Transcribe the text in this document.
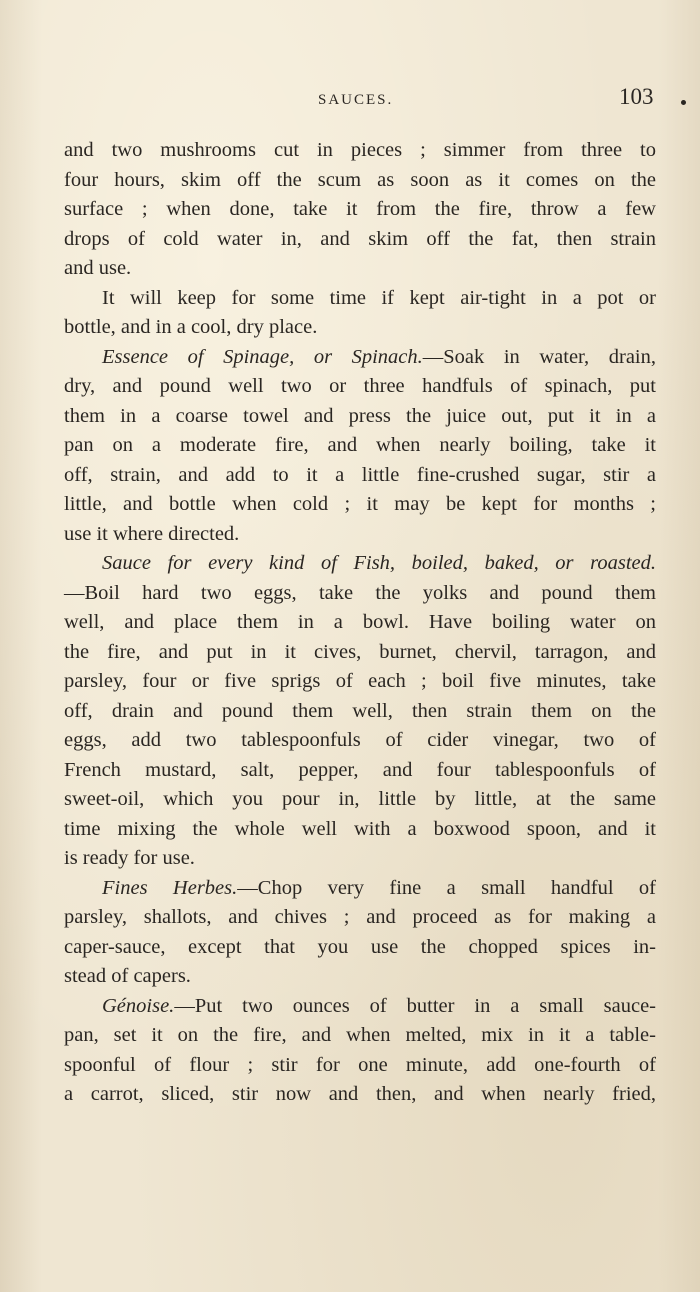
SAUCES.	103
and two mushrooms cut in pieces ; simmer from three to
four hours, skim off the scum as soon as it comes on the
surface ; when done, take it from the fire, throw a few
drops of cold water in, and skim off the fat, then strain
and use.
It will keep for some time if kept air-tight in a pot or
bottle, and in a cool, dry place.
Essence of Spinage, or Spinach.—Soak in water, drain,
dry, and pound well two or three handfuls of spinach, put
them in a coarse towel and press the juice out, put it in a
pan on a moderate fire, and when nearly boiling, take it
off, strain, and add to it a little fine-crushed sugar, stir a
little, and bottle when cold ; it may be kept for months ;
use it where directed.
Sauce for every kind of Fish, boiled, baked, or roasted.
—Boil hard two eggs, take the yolks and pound them
well, and place them in a bowl. Have boiling water on
the fire, and put in it cives, burnet, chervil, tarragon, and
parsley, four or five sprigs of each ; boil five minutes, take
off, drain and pound them well, then strain them on the
eggs, add two tablespoonfuls of cider vinegar, two of
French mustard, salt, pepper, and four tablespoonfuls of
sweet-oil, which you pour in, little by little, at the same
time mixing the whole well with a boxwood spoon, and it
is ready for use.
Fines Herbes.—Chop very fine a small handful of
parsley, shallots, and chives ; and proceed as for making a
caper-sauce, except that you use the chopped spices in-
stead of capers.
Génoise.—Put two ounces of butter in a small sauce-
pan, set it on the fire, and when melted, mix in it a table-
spoonful of flour ; stir for one minute, add one-fourth of
a carrot, sliced, stir now and then, and when nearly fried,
